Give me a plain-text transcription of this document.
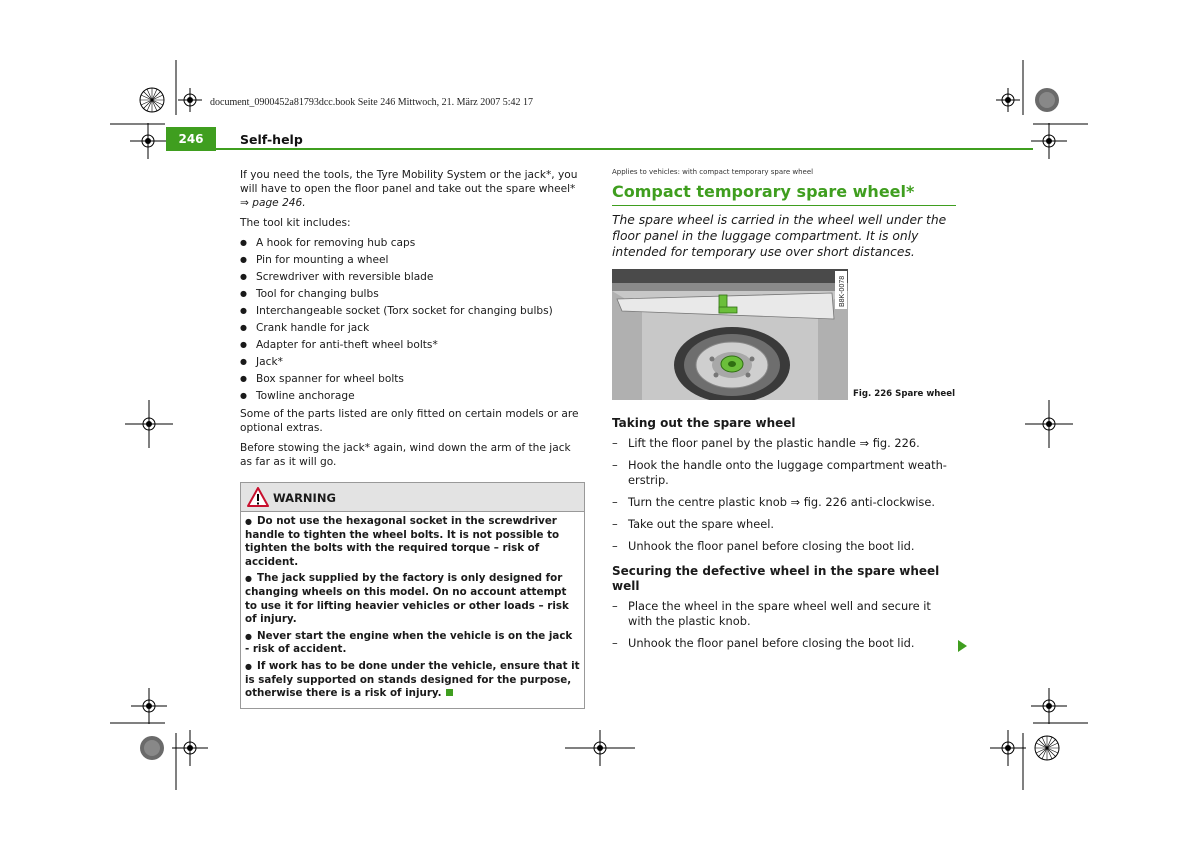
document_0900452a81793dcc.book Seite 246 Mittwoch, 21. März 2007 5:42 17
246	Self-help

If you need the tools, the Tyre Mobility System or the jack*, you will have to open the floor panel and take out the spare wheel*
⇒ page 246.

The tool kit includes:

● A hook for removing hub caps
● Pin for mounting a wheel
● Screwdriver with reversible blade
● Tool for changing bulbs
● Interchangeable socket (Torx socket for changing bulbs)
● Crank handle for jack
● Adapter for anti-theft wheel bolts*
● Jack*
● Box spanner for wheel bolts
● Towline anchorage

Some of the parts listed are only fitted on certain models or are optional extras.

Before stowing the jack* again, wind down the arm of the jack as far as it will go.

WARNING

● Do not use the hexagonal socket in the screwdriver handle to tighten the wheel bolts. It is not possible to tighten the bolts with the required torque – risk of accident.

● The jack supplied by the factory is only designed for changing wheels on this model. On no account attempt to use it for lifting heavier vehicles or other loads – risk of injury.

● Never start the engine when the vehicle is on the jack - risk of accident.

● If work has to be done under the vehicle, ensure that it is safely supported on stands designed for the purpose, otherwise there is a risk of injury.

Applies to vehicles: with compact temporary spare wheel

Compact temporary spare wheel*

The spare wheel is carried in the wheel well under the floor panel in the luggage compartment. It is only intended for temporary use over short distances.

B8K-0078
Fig. 226 Spare wheel

Taking out the spare wheel

– Lift the floor panel by the plastic handle ⇒ fig. 226.
– Hook the handle onto the luggage compartment weath-erstrip.
– Turn the centre plastic knob ⇒ fig. 226 anti-clockwise.
– Take out the spare wheel.
– Unhook the floor panel before closing the boot lid.

Securing the defective wheel in the spare wheel well

– Place the wheel in the spare wheel well and secure it with the plastic knob.
– Unhook the floor panel before closing the boot lid.
